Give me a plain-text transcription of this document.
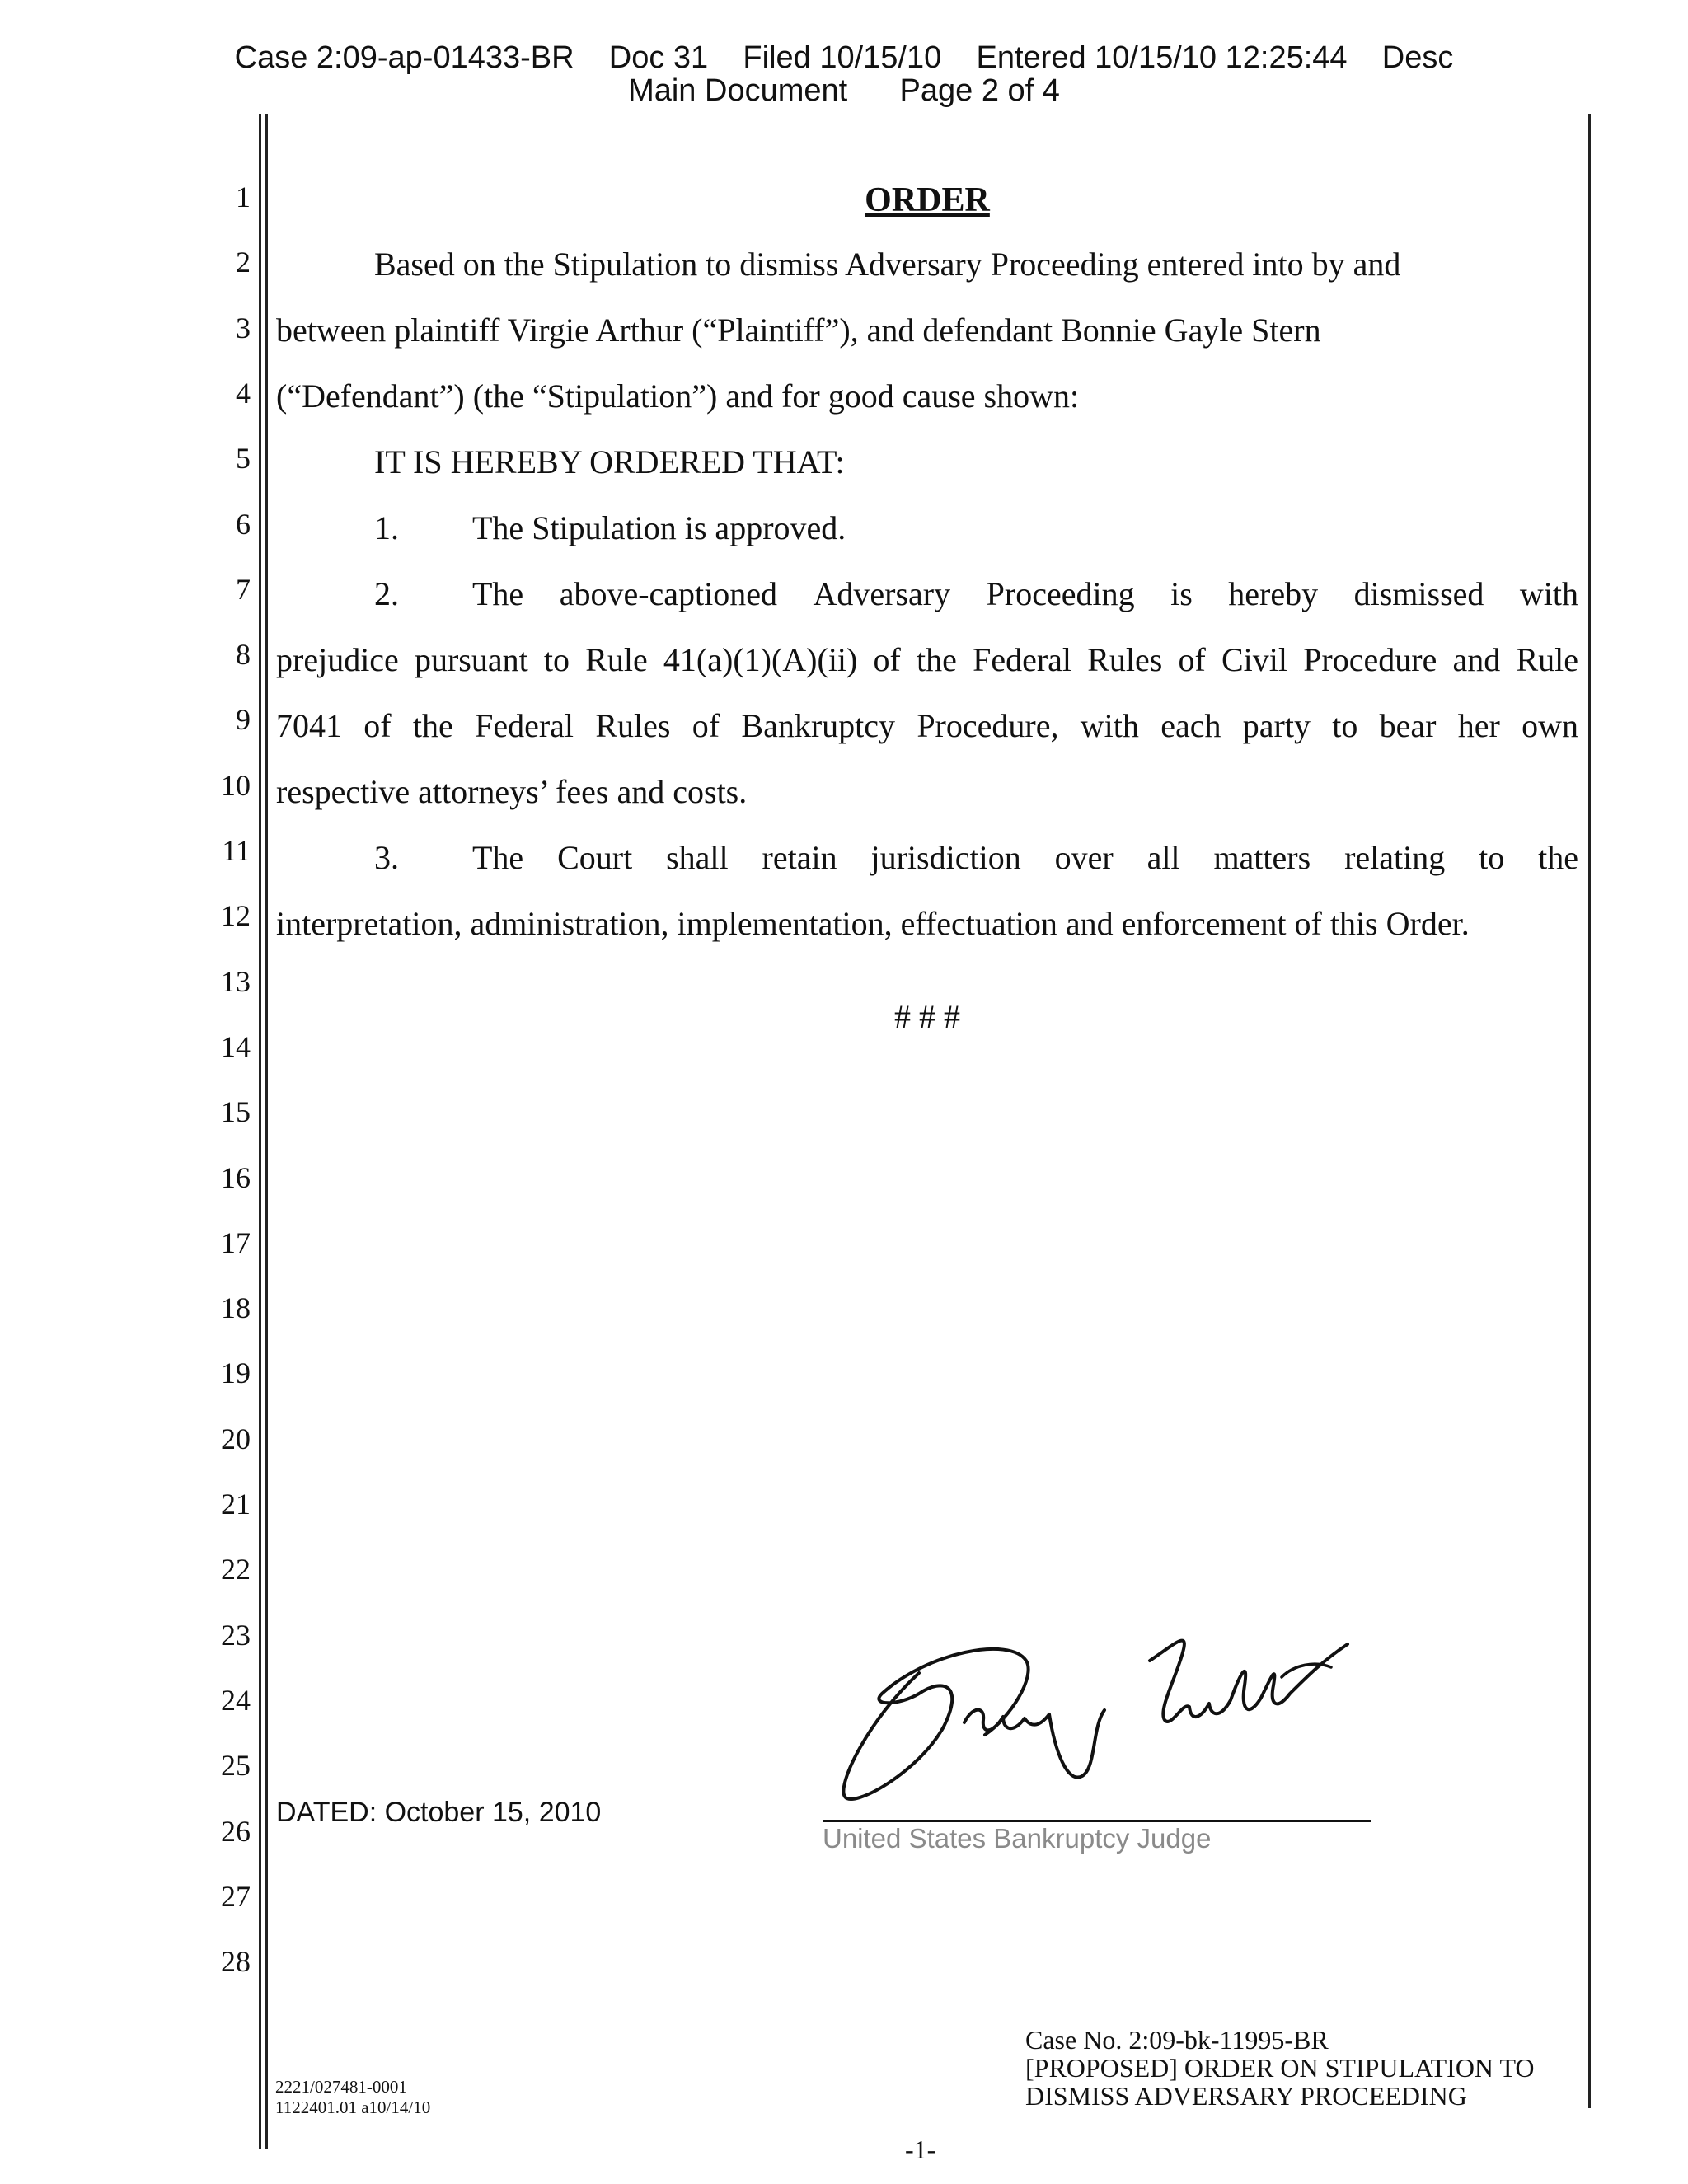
Case 2:09-ap-01433-BR    Doc 31    Filed 10/15/10    Entered 10/15/10 12:25:44    Desc
Main Document      Page 2 of 4
1
2
3
4
5
6
7
8
9
10
11
12
13
14
15
16
17
18
19
20
21
22
23
24
25
26
27
28
ORDER
Based on the Stipulation to dismiss Adversary Proceeding entered into by and
between plaintiff Virgie Arthur (“Plaintiff”), and defendant Bonnie Gayle Stern
(“Defendant”) (the “Stipulation”) and for good cause shown:
IT IS HEREBY ORDERED THAT:
1. The Stipulation is approved.
2. The above-captioned Adversary Proceeding is hereby dismissed with
prejudice pursuant to Rule 41(a)(1)(A)(ii) of the Federal Rules of Civil Procedure and Rule
7041 of the Federal Rules of Bankruptcy Procedure, with each party to bear her own
respective attorneys’ fees and costs.
3. The Court shall retain jurisdiction over all matters relating to the
interpretation, administration, implementation, effectuation and enforcement of this Order.
# # #
DATED: October 15, 2010
United States Bankruptcy Judge
2221/027481-0001
1122401.01 a10/14/10
-1-
Case No. 2:09-bk-11995-BR
[PROPOSED] ORDER ON STIPULATION TO
DISMISS ADVERSARY PROCEEDING
